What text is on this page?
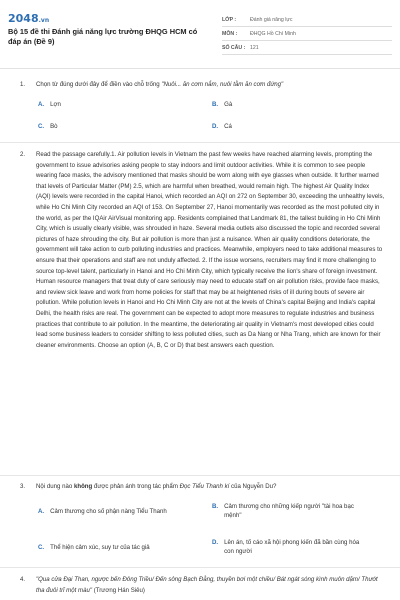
2048.vn
Bộ 15 đề thi Đánh giá năng lực trường ĐHQG HCM có đáp án (Đề 9)
LỚP :	Đánh giá năng lực
MÔN :	ĐHQG Hồ Chí Minh
SỐ CÂU : 121
1. Chọn từ đúng dưới đây để điền vào chỗ trống "Nuôi... ăn cơm nắm, nuôi tằm ăn cơm đứng"
A. Lợn	B. Gà
C. Bò	D. Cá
2. Read the passage carefully.1. Air pollution levels in Vietnam the past few weeks have reached alarming levels, prompting the government to issue advisories asking people to stay indoors and limit outdoor activities. While it is common to see people wearing face masks, the advisory mentioned that masks should be worn along with eye glasses when outside. It further warned that levels of Particular Matter (PM) 2.5, which are harmful when breathed, would remain high. The highest Air Quality Index (AQI) levels were recorded in the capital Hanoi, which recorded an AQI on 272 on September 30, exceeding the unhealthy levels, while Ho Chi Minh City recorded an AQI of 153. On September 27, Hanoi momentarily was recorded as the most polluted city in the world, as per the IQAir AirVisual monitoring app. Residents complained that Landmark 81, the tallest building in Ho Chi Minh City, which is usually clearly visible, was shrouded in haze. Several media outlets also discussed the topic and recorded several pictures of haze shrouding the city. But air pollution is more than just a nuisance. When air quality conditions deteriorate, the government will take action to curb polluting industries and practices. Meanwhile, employers need to take additional measures to ensure that their operations and staff are not unduly affected. 2. If the issue worsens, recruiters may find it more challenging to source top-level talent, particularly in Hanoi and Ho Chi Minh City, which typically receive the lion's share of foreign investment. Human resource managers that treat duty of care seriously may need to educate staff on air pollution risks, provide face masks, and review sick leave and work from home policies for staff that may be at heightened risks of ill during bouts of severe air pollution. While pollution levels in Hanoi and Ho Chi Minh City are not at the levels of China's capital Beijing and India's capital Delhi, the health risks are real. The government can be expected to adopt more measures to regulate industries and business practices that contribute to air pollution. In the meantime, the deteriorating air quality in Vietnam's most developed cities could lead some business leaders to consider shifting to less polluted cities, such as Da Nang or Nha Trang, which are known for their cleaner environments. Choose an option (A, B, C or D) that best answers each question.
3. Nội dung nào không được phản ánh trong tác phẩm Đọc Tiểu Thanh kí của Nguyễn Du?
A. Cảm thương cho số phận nàng Tiểu Thanh
B. Cảm thương cho những kiếp người "tài hoa bạc mệnh"
C. Thể hiện cảm xúc, suy tư của tác giả
D. Lên án, tố cáo xã hội phong kiến đã bần cùng hóa con người
4. "Qua cửa Đại Than, ngược bến Đông Triều/ Đến sông Bạch Đằng, thuyền bơi một chiều/ Bát ngát sóng kình muôn dặm/ Thướt tha đuôi trĩ một màu" (Trương Hán Siêu)
